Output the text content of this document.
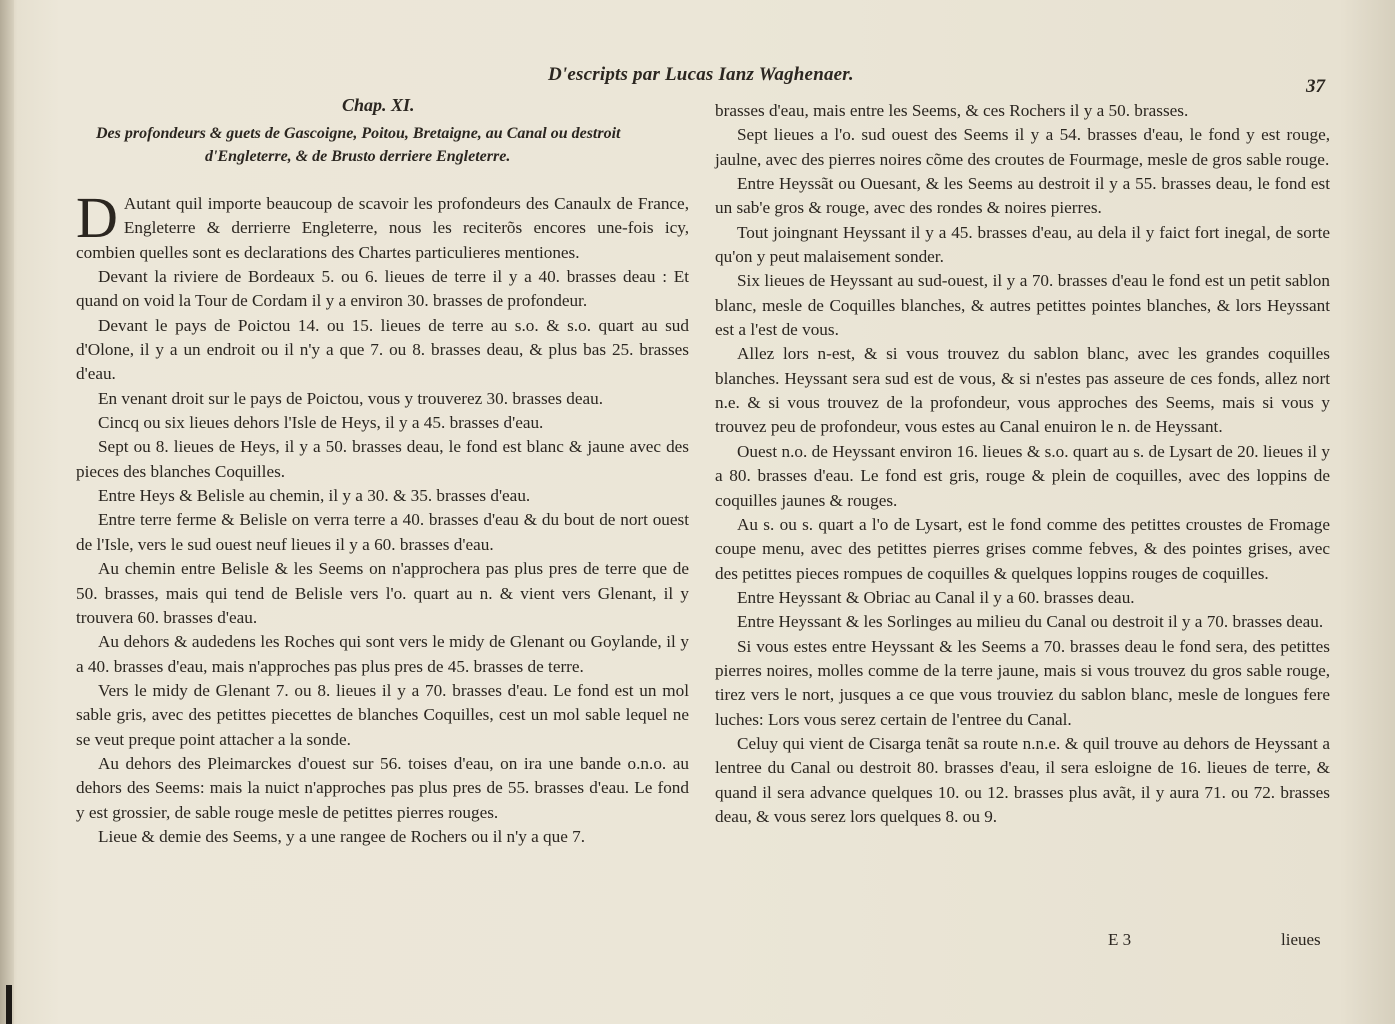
D'escripts par Lucas Ianz Waghenaer.
37
Chap. XI.
Des profondeurs & guets de Gascoigne, Poitou, Bretaigne, au Canal ou destroit
d'Engleterre, & de Brusto derriere Engleterre.

D Autant quil importe beaucoup de scavoir les profondeurs des Canaulx de France, Engleterre & derrierre Engleterre, nous les reciterõs encores une-fois icy, combien quelles sont es declarations des Chartes particulieres mentiones.

Devant la riviere de Bordeaux 5. ou 6. lieues de terre il y a 40. brasses deau : Et quand on void la Tour de Cordam il y a environ 30. brasses de profondeur.

Devant le pays de Poictou 14. ou 15. lieues de terre au s.o. & s.o. quart au sud d'Olone, il y a un endroit ou il n'y a que 7. ou 8. brasses deau, & plus bas 25. brasses d'eau.

En venant droit sur le pays de Poictou, vous y trouverez 30. brasses deau.

Cincq ou six lieues dehors l'Isle de Heys, il y a 45. brasses d'eau.

Sept ou 8. lieues de Heys, il y a 50. brasses deau, le fond est blanc & jaune avec des pieces des blanches Coquilles.

Entre Heys & Belisle au chemin, il y a 30. & 35. brasses d'eau.

Entre terre ferme & Belisle on verra terre a 40. brasses d'eau & du bout de nort ouest de l'Isle, vers le sud ouest neuf lieues il y a 60. brasses d'eau.

Au chemin entre Belisle & les Seems on n'approchera pas plus pres de terre que de 50. brasses, mais qui tend de Belisle vers l'o. quart au n. & vient vers Glenant, il y trouvera 60. brasses d'eau.

Au dehors & audedens les Roches qui sont vers le midy de Glenant ou Goylande, il y a 40. brasses d'eau, mais n'approches pas plus pres de 45. brasses de terre.

Vers le midy de Glenant 7. ou 8. lieues il y a 70. brasses d'eau. Le fond est un mol sable gris, avec des petittes piecettes de blanches Coquilles, cest un mol sable lequel ne se veut preque point attacher a la sonde.

Au dehors des Pleimarckes d'ouest sur 56. toises d'eau, on ira une bande o.n.o. au dehors des Seems: mais la nuict n'approches pas plus pres de 55. brasses d'eau. Le fond y est grossier, de sable rouge mesle de petittes pierres rouges.

Lieue & demie des Seems, y a une rangee de Rochers ou il n'y a que 7.

brasses d'eau, mais entre les Seems, & ces Rochers il y a 50. brasses.

Sept lieues a l'o. sud ouest des Seems il y a 54. brasses d'eau, le fond y est rouge, jaulne, avec des pierres noires cõme des croutes de Fourmage, mesle de gros sable rouge.

Entre Heyssãt ou Ouesant, & les Seems au destroit il y a 55. brasses deau, le fond est un sab'e gros & rouge, avec des rondes & noires pierres.

Tout joingnant Heyssant il y a 45. brasses d'eau, au dela il y faict fort inegal, de sorte qu'on y peut malaisement sonder.

Six lieues de Heyssant au sud-ouest, il y a 70. brasses d'eau le fond est un petit sablon blanc, mesle de Coquilles blanches, & autres petittes pointes blanches, & lors Heyssant est a l'est de vous.

Allez lors n-est, & si vous trouvez du sablon blanc, avec les grandes coquilles blanches. Heyssant sera sud est de vous, & si n'estes pas asseure de ces fonds, allez nort n.e. & si vous trouvez de la profondeur, vous approches des Seems, mais si vous y trouvez peu de profondeur, vous estes au Canal enuiron le n. de Heyssant.

Ouest n.o. de Heyssant environ 16. lieues & s.o. quart au s. de Lysart de 20. lieues il y a 80. brasses d'eau. Le fond est gris, rouge & plein de coquilles, avec des loppins de coquilles jaunes & rouges.

Au s. ou s. quart a l'o de Lysart, est le fond comme des petittes croustes de Fromage coupe menu, avec des petittes pierres grises comme febves, & des pointes grises, avec des petittes pieces rompues de coquilles & quelques loppins rouges de coquilles.

Entre Heyssant & Obriac au Canal il y a 60. brasses deau.

Entre Heyssant & les Sorlinges au milieu du Canal ou destroit il y a 70. brasses deau.

Si vous estes entre Heyssant & les Seems a 70. brasses deau le fond sera, des petittes pierres noires, molles comme de la terre jaune, mais si vous trouvez du gros sable rouge, tirez vers le nort, jusques a ce que vous trouviez du sablon blanc, mesle de longues fere luches: Lors vous serez certain de l'entree du Canal.

Celuy qui vient de Cisarga tenãt sa route n.n.e. & quil trouve au dehors de Heyssant a lentree du Canal ou destroit 80. brasses d'eau, il sera esloigne de 16. lieues de terre, & quand il sera advance quelques 10. ou 12. brasses plus avãt, il y aura 71. ou 72. brasses deau, & vous serez lors quelques 8. ou 9.

E 3	lieues
